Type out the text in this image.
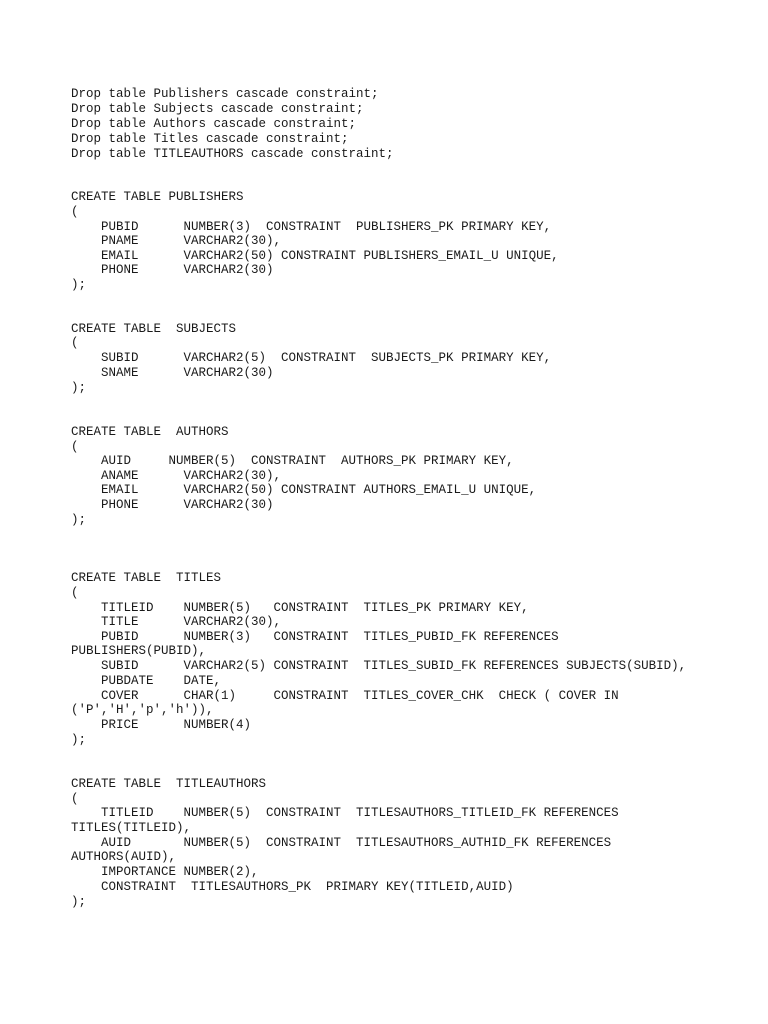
Drop table Publishers cascade constraint;
Drop table Subjects cascade constraint;
Drop table Authors cascade constraint;
Drop table Titles cascade constraint;
Drop table TITLEAUTHORS cascade constraint;
CREATE TABLE PUBLISHERS
(
PUBID      NUMBER(3)  CONSTRAINT  PUBLISHERS_PK PRIMARY KEY,
PNAME      VARCHAR2(30),
EMAIL      VARCHAR2(50) CONSTRAINT PUBLISHERS_EMAIL_U UNIQUE,
PHONE      VARCHAR2(30)
);
CREATE TABLE  SUBJECTS
(
SUBID      VARCHAR2(5)  CONSTRAINT  SUBJECTS_PK PRIMARY KEY,
SNAME      VARCHAR2(30)
);
CREATE TABLE  AUTHORS
(
AUID     NUMBER(5)  CONSTRAINT  AUTHORS_PK PRIMARY KEY,
ANAME      VARCHAR2(30),
EMAIL      VARCHAR2(50) CONSTRAINT AUTHORS_EMAIL_U UNIQUE,
PHONE      VARCHAR2(30)
);
CREATE TABLE  TITLES
(
TITLEID    NUMBER(5)   CONSTRAINT  TITLES_PK PRIMARY KEY,
TITLE      VARCHAR2(30),
PUBID      NUMBER(3)   CONSTRAINT  TITLES_PUBID_FK REFERENCES
PUBLISHERS(PUBID),
SUBID      VARCHAR2(5) CONSTRAINT  TITLES_SUBID_FK REFERENCES SUBJECTS(SUBID),
PUBDATE    DATE,
COVER      CHAR(1)     CONSTRAINT  TITLES_COVER_CHK  CHECK ( COVER IN
('P','H','p','h')),
PRICE      NUMBER(4)
);
CREATE TABLE  TITLEAUTHORS
(
TITLEID    NUMBER(5)  CONSTRAINT  TITLESAUTHORS_TITLEID_FK REFERENCES
TITLES(TITLEID),
AUID       NUMBER(5)  CONSTRAINT  TITLESAUTHORS_AUTHID_FK REFERENCES
AUTHORS(AUID),
IMPORTANCE NUMBER(2),
CONSTRAINT  TITLESAUTHORS_PK  PRIMARY KEY(TITLEID,AUID)
);
